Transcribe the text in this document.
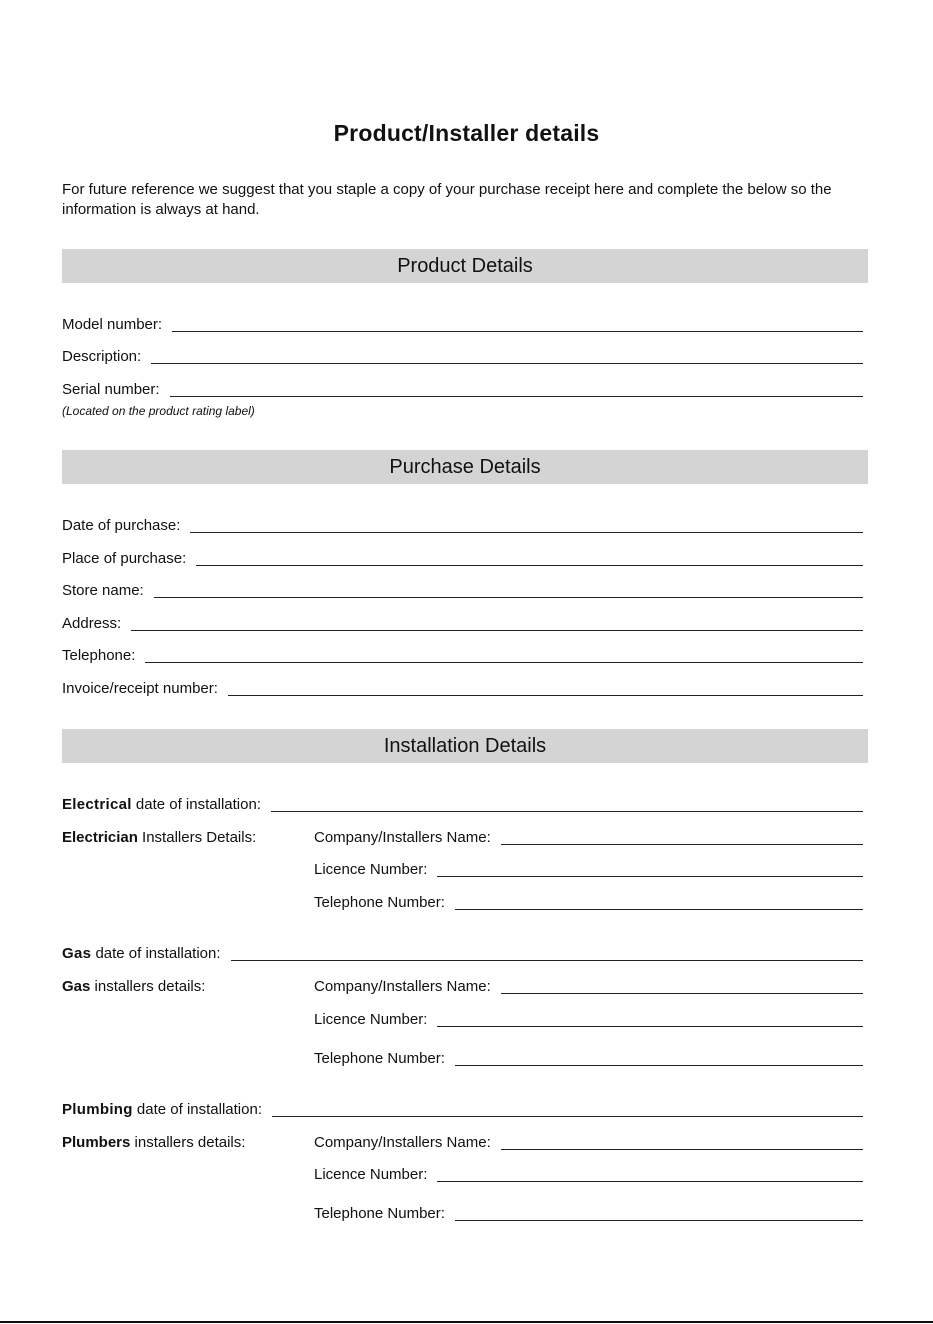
Product/Installer details
For future reference we suggest that you staple a copy of your purchase receipt here and complete the below so the information is always at hand.
Product Details
Model number:
Description:
Serial number:
(Located on the product rating label)
Purchase Details
Date of purchase:
Place of purchase:
Store name:
Address:
Telephone:
Invoice/receipt number:
Installation Details
Electrical date of installation:
Electrician Installers Details:	Company/Installers Name:
Licence Number:
Telephone Number:
Gas date of installation:
Gas installers details:	Company/Installers Name:
Licence Number:
Telephone Number:
Plumbing date of installation:
Plumbers installers details:	Company/Installers Name:
Licence Number:
Telephone Number:
